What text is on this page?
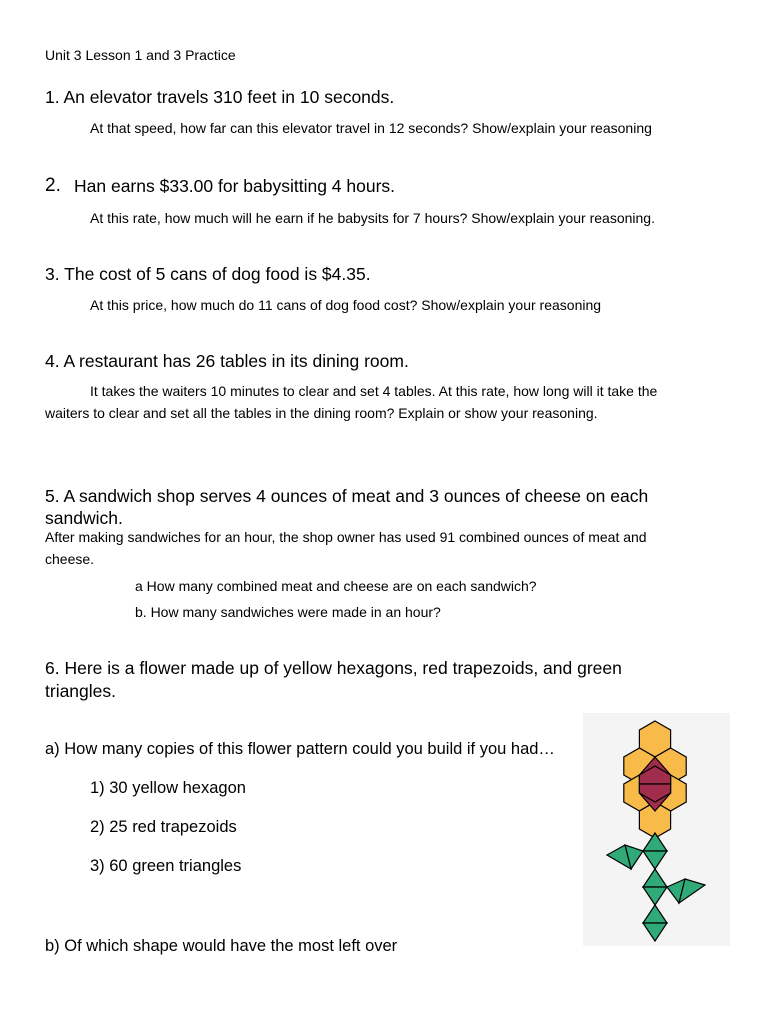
Unit 3 Lesson 1 and 3 Practice
1. An elevator travels 310 feet in 10 seconds.
At that speed, how far can this elevator travel in 12 seconds? Show/explain your reasoning
2. Han earns $33.00 for babysitting 4 hours.
At this rate, how much will he earn if he babysits for 7 hours? Show/explain your reasoning.
3. The cost of 5 cans of dog food is $4.35.
At this price, how much do 11 cans of dog food cost? Show/explain your reasoning
4. A restaurant has 26 tables in its dining room.
It takes the waiters 10 minutes to clear and set 4 tables. At this rate, how long will it take the
waiters to clear and set all the tables in the dining room? Explain or show your reasoning.
5. A sandwich shop serves 4 ounces of meat and 3 ounces of cheese on each
sandwich.
After making sandwiches for an hour, the shop owner has used 91 combined ounces of meat and
cheese.
a How many combined meat and cheese are on each sandwich?
b. How many sandwiches were made in an hour?
6. Here is a flower made up of yellow hexagons, red trapezoids, and green
triangles.
a) How many copies of this flower pattern could you build if you had…
1) 30 yellow hexagon
2) 25 red trapezoids
3) 60 green triangles
b) Of which shape would have the most left over
